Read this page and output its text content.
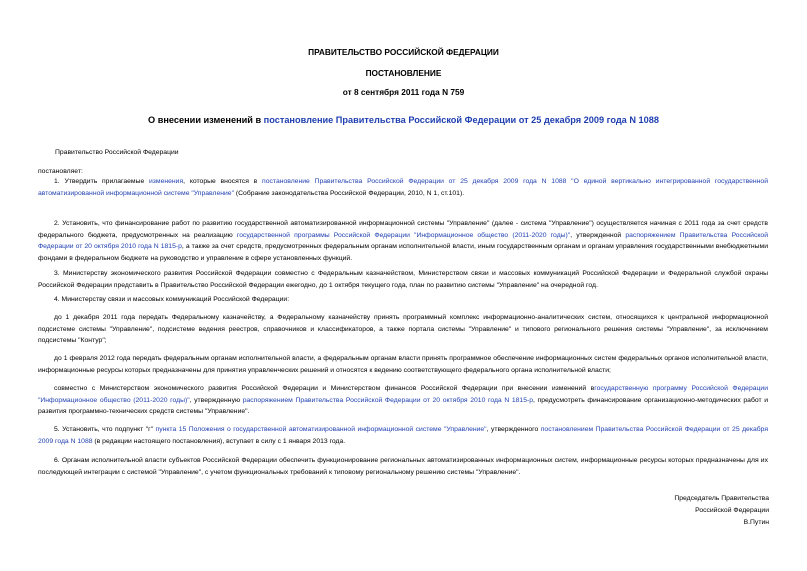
ПРАВИТЕЛЬСТВО РОССИЙСКОЙ ФЕДЕРАЦИИ
ПОСТАНОВЛЕНИЕ
от 8 сентября 2011 года N 759
О внесении изменений в постановление Правительства Российской Федерации от 25 декабря 2009 года N 1088
Правительство Российской Федерации
постановляет:
1. Утвердить прилагаемые изменения, которые вносятся в постановление Правительства Российской Федерации от 25 декабря 2009 года N 1088 "О единой вертикально интегрированной государственной автоматизированной информационной системе "Управление" (Собрание законодательства Российской Федерации, 2010, N 1, ст.101).
2. Установить, что финансирование работ по развитию государственной автоматизированной информационной системы "Управление" (далее - система "Управление") осуществляется начиная с 2011 года за счет средств федерального бюджета, предусмотренных на реализацию государственной программы Российской Федерации "Информационное общество (2011-2020 годы)", утвержденной распоряжением Правительства Российской Федерации от 20 октября 2010 года N 1815-р, а также за счет средств, предусмотренных федеральным органам исполнительной власти, иным государственным органам и органам управления государственными внебюджетными фондами в федеральном бюджете на руководство и управление в сфере установленных функций.
3. Министерству экономического развития Российской Федерации совместно с Федеральным казначейством, Министерством связи и массовых коммуникаций Российской Федерации и Федеральной службой охраны Российской Федерации представить в Правительство Российской Федерации ежегодно, до 1 октября текущего года, план по развитию системы "Управление" на очередной год.
4. Министерству связи и массовых коммуникаций Российской Федерации:
до 1 декабря 2011 года передать Федеральному казначейству, а Федеральному казначейству принять программный комплекс информационно-аналитических систем, относящихся к центральной информационной подсистеме системы "Управление", подсистеме ведения реестров, справочников и классификаторов, а также портала системы "Управление" и типового регионального решения системы "Управление", за исключением подсистемы "Контур";
до 1 февраля 2012 года передать федеральным органам исполнительной власти, а федеральным органам власти принять программное обеспечение информационных систем федеральных органов исполнительной власти, информационные ресурсы которых предназначены для принятия управленческих решений и относятся к ведению соответствующего федерального органа исполнительной власти;
совместно с Министерством экономического развития Российской Федерации и Министерством финансов Российской Федерации при внесении изменений вгосударственную программу Российской Федерации "Информационное общество (2011-2020 годы)", утвержденную распоряжением Правительства Российской Федерации от 20 октября 2010 года N 1815-р, предусмотреть финансирование организационно-методических работ и развития программно-технических средств системы "Управление".
5. Установить, что подпункт "г" пункта 15 Положения о государственной автоматизированной информационной системе "Управление", утвержденного постановлением Правительства Российской Федерации от 25 декабря 2009 года N 1088 (в редакции настоящего постановления), вступает в силу с 1 января 2013 года.
6. Органам исполнительной власти субъектов Российской Федерации обеспечить функционирование региональных автоматизированных информационных систем, информационные ресурсы которых предназначены для их последующей интеграции с системой "Управление", с учетом функциональных требований к типовому региональному решению системы "Управление".
Председатель Правительства
Российской Федерации
В.Путин
